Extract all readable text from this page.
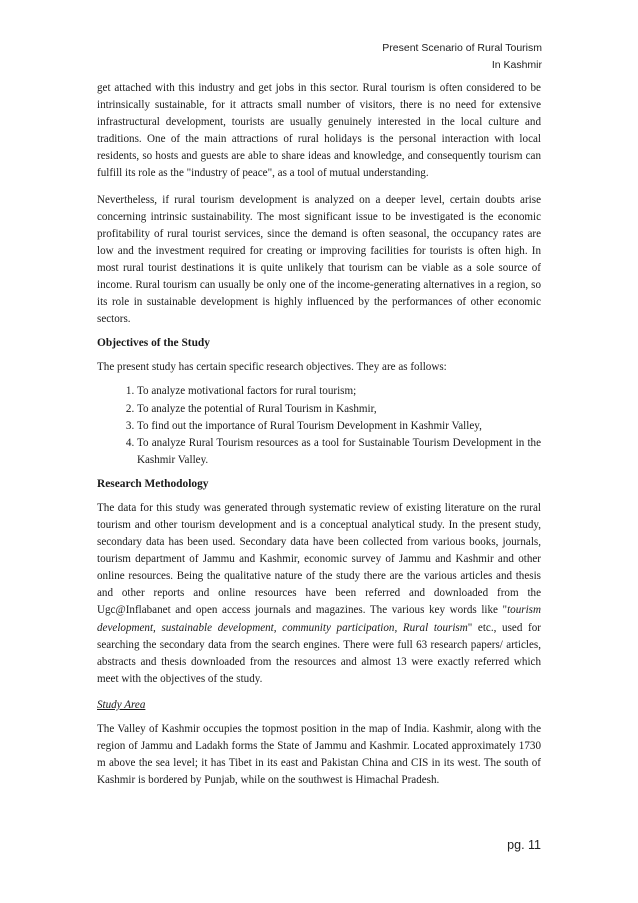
Present Scenario of Rural Tourism
In Kashmir

get attached with this industry and get jobs in this sector. Rural tourism is often considered to be intrinsically sustainable, for it attracts small number of visitors, there is no need for extensive infrastructural development, tourists are usually genuinely interested in the local culture and traditions. One of the main attractions of rural holidays is the personal interaction with local residents, so hosts and guests are able to share ideas and knowledge, and consequently tourism can fulfill its role as the "industry of peace", as a tool of mutual understanding.

Nevertheless, if rural tourism development is analyzed on a deeper level, certain doubts arise concerning intrinsic sustainability. The most significant issue to be investigated is the economic profitability of rural tourist services, since the demand is often seasonal, the occupancy rates are low and the investment required for creating or improving facilities for tourists is often high. In most rural tourist destinations it is quite unlikely that tourism can be viable as a sole source of income. Rural tourism can usually be only one of the income-generating alternatives in a region, so its role in sustainable development is highly influenced by the performances of other economic sectors.

Objectives of the Study

The present study has certain specific research objectives. They are as follows:

1. To analyze motivational factors for rural tourism;
2. To analyze the potential of Rural Tourism in Kashmir,
3. To find out the importance of Rural Tourism Development in Kashmir Valley,
4. To analyze Rural Tourism resources as a tool for Sustainable Tourism Development in the Kashmir Valley.
Research Methodology

The data for this study was generated through systematic review of existing literature on the rural tourism and other tourism development and is a conceptual analytical study. In the present study, secondary data has been used. Secondary data have been collected from various books, journals, tourism department of Jammu and Kashmir, economic survey of Jammu and Kashmir and other online resources. Being the qualitative nature of the study there are the various articles and thesis and other reports and online resources have been referred and downloaded from the Ugc@Inflabanet and open access journals and magazines. The various key words like "tourism development, sustainable development, community participation, Rural tourism" etc., used for searching the secondary data from the search engines. There were full 63 research papers/ articles, abstracts and thesis downloaded from the resources and almost 13 were exactly referred which meet with the objectives of the study.

Study Area

The Valley of Kashmir occupies the topmost position in the map of India. Kashmir, along with the region of Jammu and Ladakh forms the State of Jammu and Kashmir. Located approximately 1730 m above the sea level; it has Tibet in its east and Pakistan China and CIS in its west. The south of Kashmir is bordered by Punjab, while on the southwest is Himachal Pradesh.

pg. 11
